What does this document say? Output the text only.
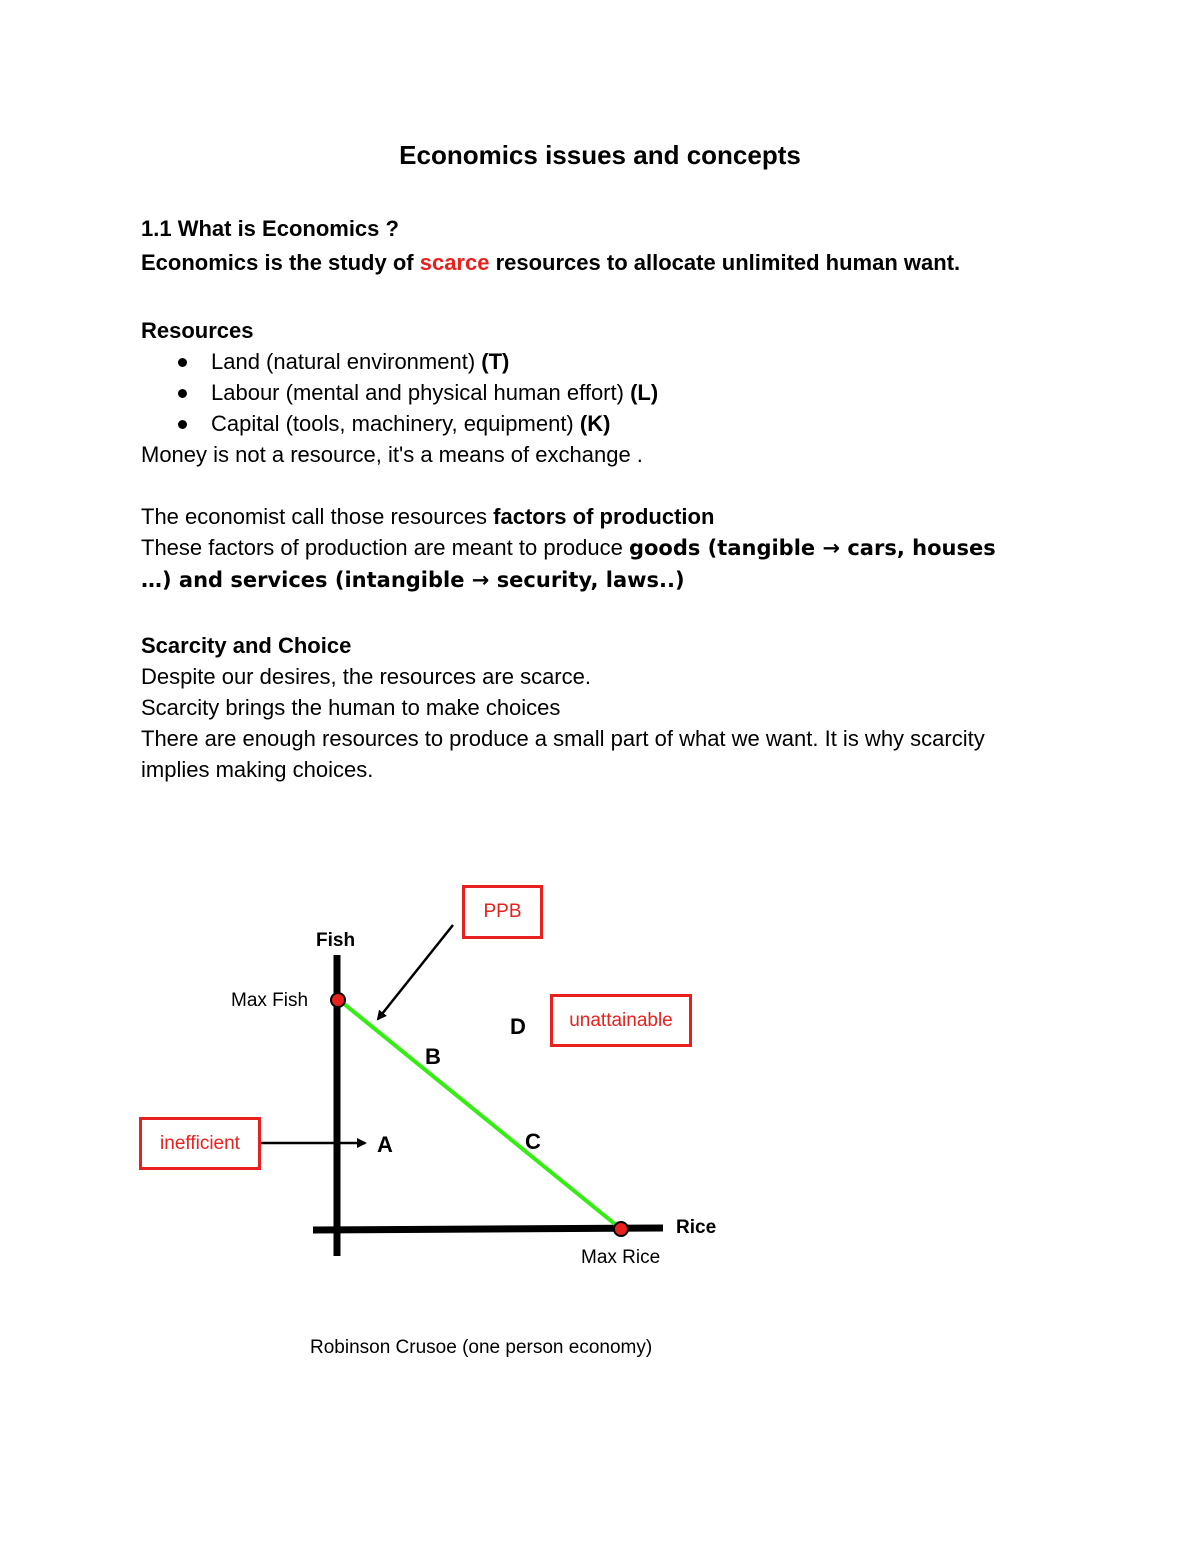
Economics issues and concepts
1.1 What is Economics ?
Economics is the study of scarce resources to allocate unlimited human want.
Resources
Land (natural environment) (T)
Labour (mental and physical human effort) (L)
Capital (tools, machinery, equipment) (K)
Money is not a resource, it's a means of exchange .
The economist call those resources factors of production
These factors of production are meant to produce goods (tangible → cars, houses
…) and services (intangible → security, laws..)
Scarcity and Choice
Despite our desires, the resources are scarce.
Scarcity brings the human to make choices
There are enough resources to produce a small part of what we want. It is why scarcity
implies making choices.
Fish
Rice
Max Fish
Max Rice
A
B
C
D
PPB
unattainable
inefficient
Robinson Crusoe (one person economy)
